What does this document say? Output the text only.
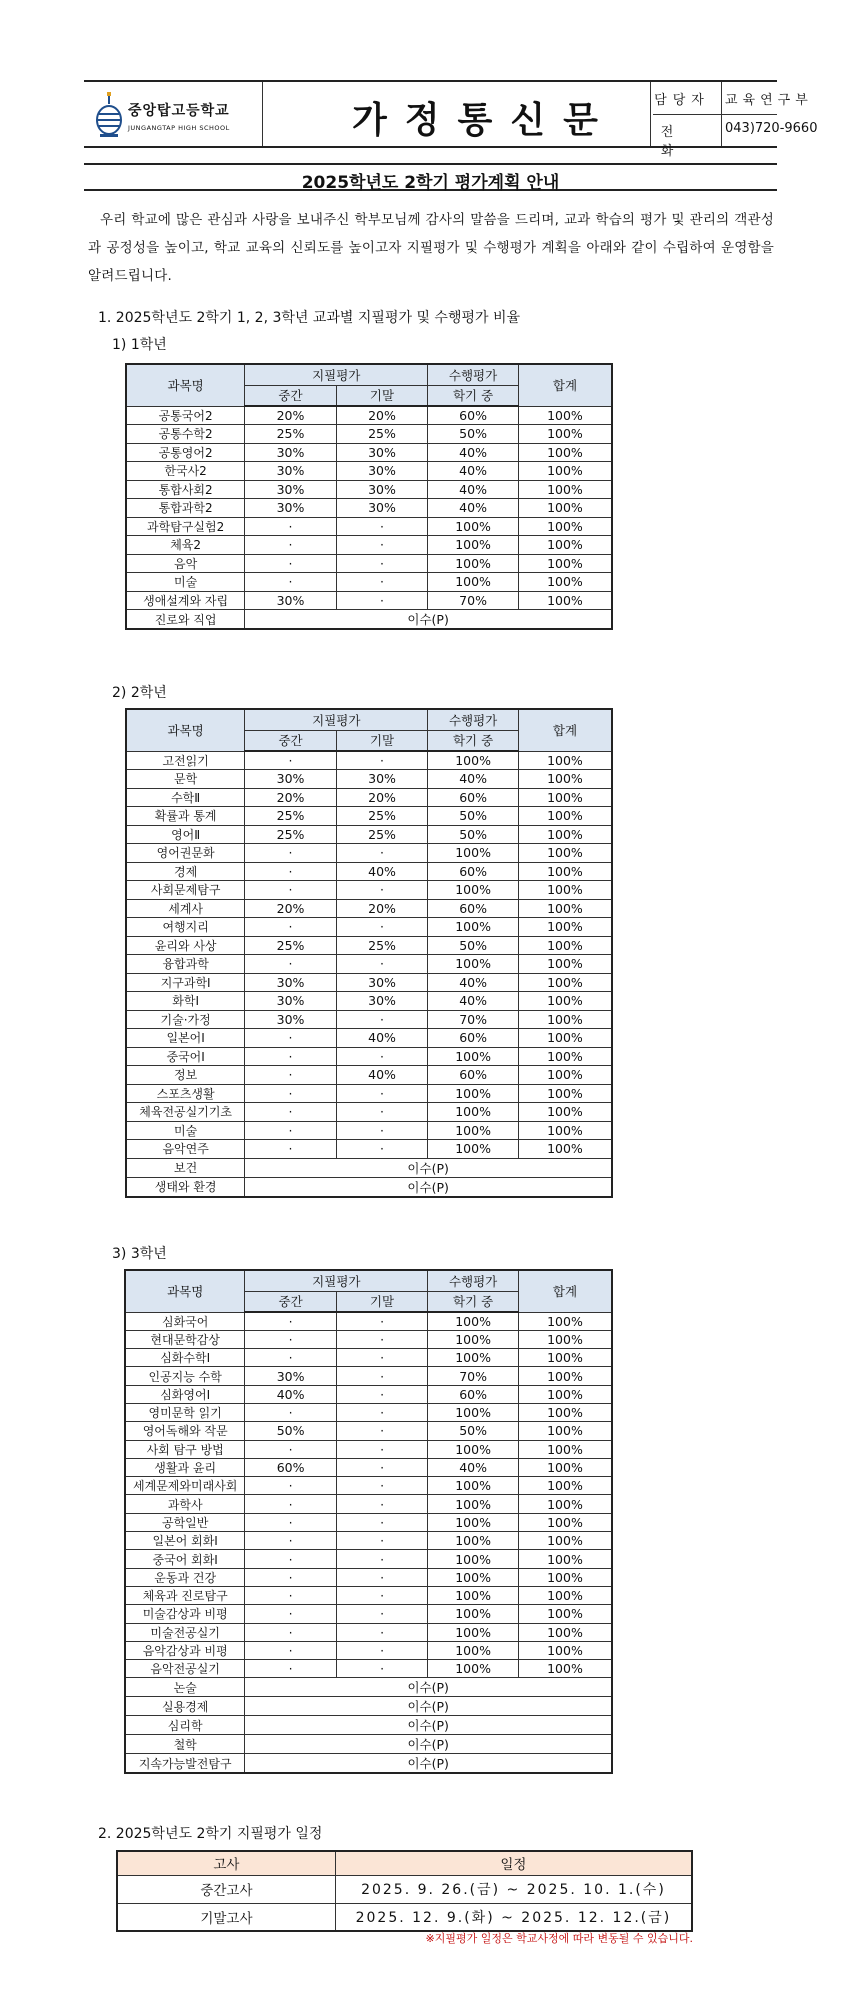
중앙탑고등학교
JUNGANGTAP HIGH SCHOOL	가정통신문	담당자	교육연구부
전화
043)720-9660
2025학년도 2학기 평가계획 안내
우리 학교에 많은 관심과 사랑을 보내주신 학부모님께 감사의 말씀을 드리며, 교과 학습의 평가 및 관리의 객관성과 공정성을 높이고, 학교 교육의 신뢰도를 높이고자 지필평가 및 수행평가 계획을 아래와 같이 수립하여 운영함을 알려드립니다.
1. 2025학년도 2학기 1, 2, 3학년 교과별 지필평가 및 수행평가 비율
1) 1학년
과목명	지필평가		수행평가	합계
	중간	기말	학기 중	
공통국어2	20%	20%	60%	100%
공통수학2	25%	25%	50%	100%
공통영어2	30%	30%	40%	100%
한국사2	30%	30%	40%	100%
통합사회2	30%	30%	40%	100%
통합과학2	30%	30%	40%	100%
과학탐구실험2	·	·	100%	100%
체육2	·	·	100%	100%
음악	·	·	100%	100%
미술	·	·	100%	100%
생애설계와 자립	30%	·	70%	100%
진로와 직업	이수(P)			
2) 2학년
과목명	지필평가		수행평가	합계
	중간	기말	학기 중	
고전읽기	·	·	100%	100%
문학	30%	30%	40%	100%
수학Ⅱ	20%	20%	60%	100%
확률과 통계	25%	25%	50%	100%
영어Ⅱ	25%	25%	50%	100%
영어권문화	·	·	100%	100%
경제	·	40%	60%	100%
사회문제탐구	·	·	100%	100%
세계사	20%	20%	60%	100%
여행지리	·	·	100%	100%
윤리와 사상	25%	25%	50%	100%
융합과학	·	·	100%	100%
지구과학Ⅰ	30%	30%	40%	100%
화학Ⅰ	30%	30%	40%	100%
기술·가정	30%	·	70%	100%
일본어Ⅰ	·	40%	60%	100%
중국어Ⅰ	·	·	100%	100%
정보	·	40%	60%	100%
스포츠생활	·	·	100%	100%
체육전공실기기초	·	·	100%	100%
미술	·	·	100%	100%
음악연주	·	·	100%	100%
보건	이수(P)			
생태와 환경	이수(P)			
3) 3학년
과목명	지필평가		수행평가	합계
	중간	기말	학기 중	
심화국어	·	·	100%	100%
현대문학감상	·	·	100%	100%
심화수학Ⅰ	·	·	100%	100%
인공지능 수학	30%	·	70%	100%
심화영어Ⅰ	40%	·	60%	100%
영미문학 읽기	·	·	100%	100%
영어독해와 작문	50%	·	50%	100%
사회 탐구 방법	·	·	100%	100%
생활과 윤리	60%	·	40%	100%
세계문제와미래사회	·	·	100%	100%
과학사	·	·	100%	100%
공학일반	·	·	100%	100%
일본어 회화Ⅰ	·	·	100%	100%
중국어 회화Ⅰ	·	·	100%	100%
운동과 건강	·	·	100%	100%
체육과 진로탐구	·	·	100%	100%
미술감상과 비평	·	·	100%	100%
미술전공실기	·	·	100%	100%
음악감상과 비평	·	·	100%	100%
음악전공실기	·	·	100%	100%
논술	이수(P)			
실용경제	이수(P)			
심리학	이수(P)			
철학	이수(P)			
지속가능발전탐구	이수(P)			
2. 2025학년도 2학기 지필평가 일정
고사	일정
중간고사	2025. 9. 26.(금) ~ 2025. 10. 1.(수)
기말고사	2025. 12. 9.(화) ~ 2025. 12. 12.(금)
※지필평가 일정은 학교사정에 따라 변동될 수 있습니다.
